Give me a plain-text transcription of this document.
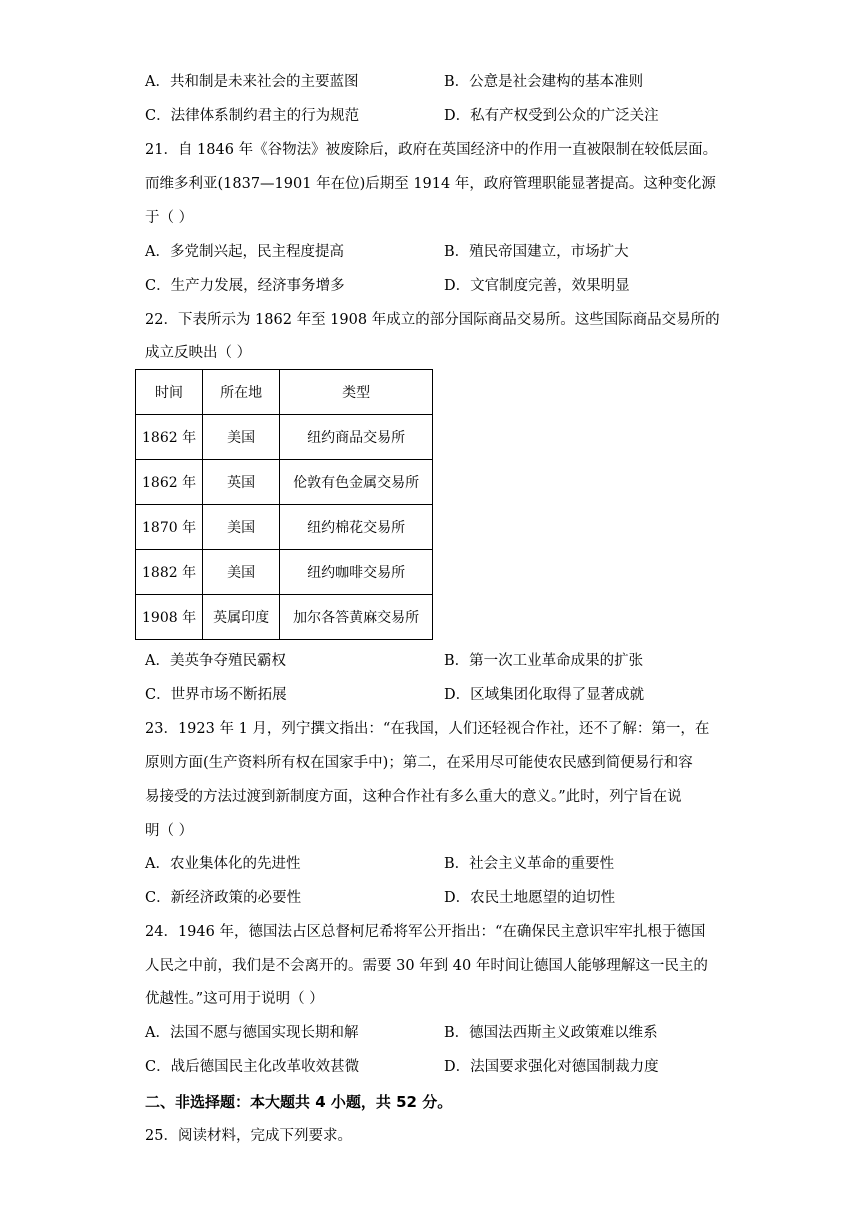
A．共和制是未来社会的主要蓝图	B．公意是社会建构的基本准则
C．法律体系制约君主的行为规范	D．私有产权受到公众的广泛关注
21．自 1846 年《谷物法》被废除后，政府在英国经济中的作用一直被限制在较低层面。
而维多利亚(1837—1901 年在位)后期至 1914 年，政府管理职能显著提高。这种变化源
于（ ）
A．多党制兴起，民主程度提高	B．殖民帝国建立，市场扩大
C．生产力发展，经济事务增多	D．文官制度完善，效果明显
22．下表所示为 1862 年至 1908 年成立的部分国际商品交易所。这些国际商品交易所的
成立反映出（ ）
时间	所在地	类型
1862 年	美国	纽约商品交易所
1862 年	英国	伦敦有色金属交易所
1870 年	美国	纽约棉花交易所
1882 年	美国	纽约咖啡交易所
1908 年	英属印度	加尔各答黄麻交易所
A．美英争夺殖民霸权	B．第一次工业革命成果的扩张
C．世界市场不断拓展	D．区域集团化取得了显著成就
23．1923 年 1 月，列宁撰文指出：“在我国，人们还轻视合作社，还不了解：第一，在
原则方面(生产资料所有权在国家手中)；第二，在采用尽可能使农民感到简便易行和容
易接受的方法过渡到新制度方面，这种合作社有多么重大的意义。”此时，列宁旨在说
明（ ）
A．农业集体化的先进性	B．社会主义革命的重要性
C．新经济政策的必要性	D．农民土地愿望的迫切性
24．1946 年，德国法占区总督柯尼希将军公开指出：“在确保民主意识牢牢扎根于德国
人民之中前，我们是不会离开的。需要 30 年到 40 年时间让德国人能够理解这一民主的
优越性。”这可用于说明（ ）
A．法国不愿与德国实现长期和解	B．德国法西斯主义政策难以维系
C．战后德国民主化改革收效甚微	D．法国要求强化对德国制裁力度
二、非选择题：本大题共 4 小题，共 52 分。
25．阅读材料，完成下列要求。
